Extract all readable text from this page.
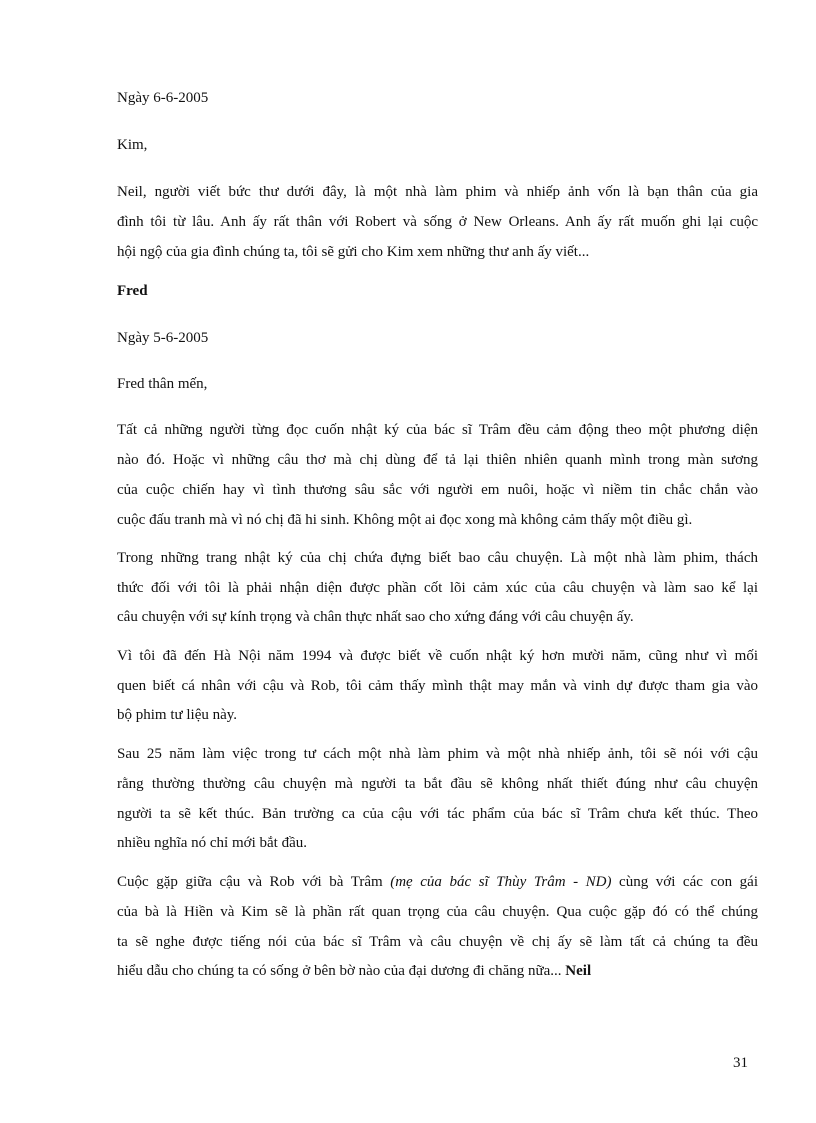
Ngày 6-6-2005
Kim,
Neil, người viết bức thư dưới đây, là một nhà làm phim và nhiếp ảnh vốn là bạn thân của gia
đình tôi từ lâu. Anh ấy rất thân với Robert và sống ở New Orleans. Anh ấy rất muốn ghi lại cuộc
hội ngộ của gia đình chúng ta, tôi sẽ gửi cho Kim xem những thư anh ấy viết...
Fred
Ngày 5-6-2005
Fred thân mến,
Tất cả những người từng đọc cuốn nhật ký của bác sĩ Trâm đều cảm động theo một phương diện
nào đó. Hoặc vì những câu thơ mà chị dùng để tả lại thiên nhiên quanh mình trong màn sương
của cuộc chiến hay vì tình thương sâu sắc với người em nuôi, hoặc vì niềm tin chắc chắn vào
cuộc đấu tranh mà vì nó chị đã hi sinh. Không một ai đọc xong mà không cảm thấy một điều gì.
Trong những trang nhật ký của chị chứa đựng biết bao câu chuyện. Là một nhà làm phim, thách
thức đối với tôi là phải nhận diện được phần cốt lõi cảm xúc của câu chuyện và làm sao kể lại
câu chuyện với sự kính trọng và chân thực nhất sao cho xứng đáng với câu chuyện ấy.
Vì tôi đã đến Hà Nội năm 1994 và được biết về cuốn nhật ký hơn mười năm, cũng như vì mối
quen biết cá nhân với cậu và Rob, tôi cảm thấy mình thật may mắn và vinh dự được tham gia vào
bộ phim tư liệu này.
Sau 25 năm làm việc trong tư cách một nhà làm phim và một nhà nhiếp ảnh, tôi sẽ nói với cậu
rằng thường thường câu chuyện mà người ta bắt đầu sẽ không nhất thiết đúng như câu chuyện
người ta sẽ kết thúc. Bản trường ca của cậu với tác phẩm của bác sĩ Trâm chưa kết thúc. Theo
nhiều nghĩa nó chỉ mới bắt đầu.
Cuộc gặp giữa cậu và Rob với bà Trâm (mẹ của bác sĩ Thùy Trâm - ND) cùng với các con gái
của bà là Hiền và Kim sẽ là phần rất quan trọng của câu chuyện. Qua cuộc gặp đó có thể chúng
ta sẽ nghe được tiếng nói của bác sĩ Trâm và câu chuyện về chị ấy sẽ làm tất cả chúng ta đều
hiểu dẫu cho chúng ta có sống ở bên bờ nào của đại dương đi chăng nữa... Neil
31
